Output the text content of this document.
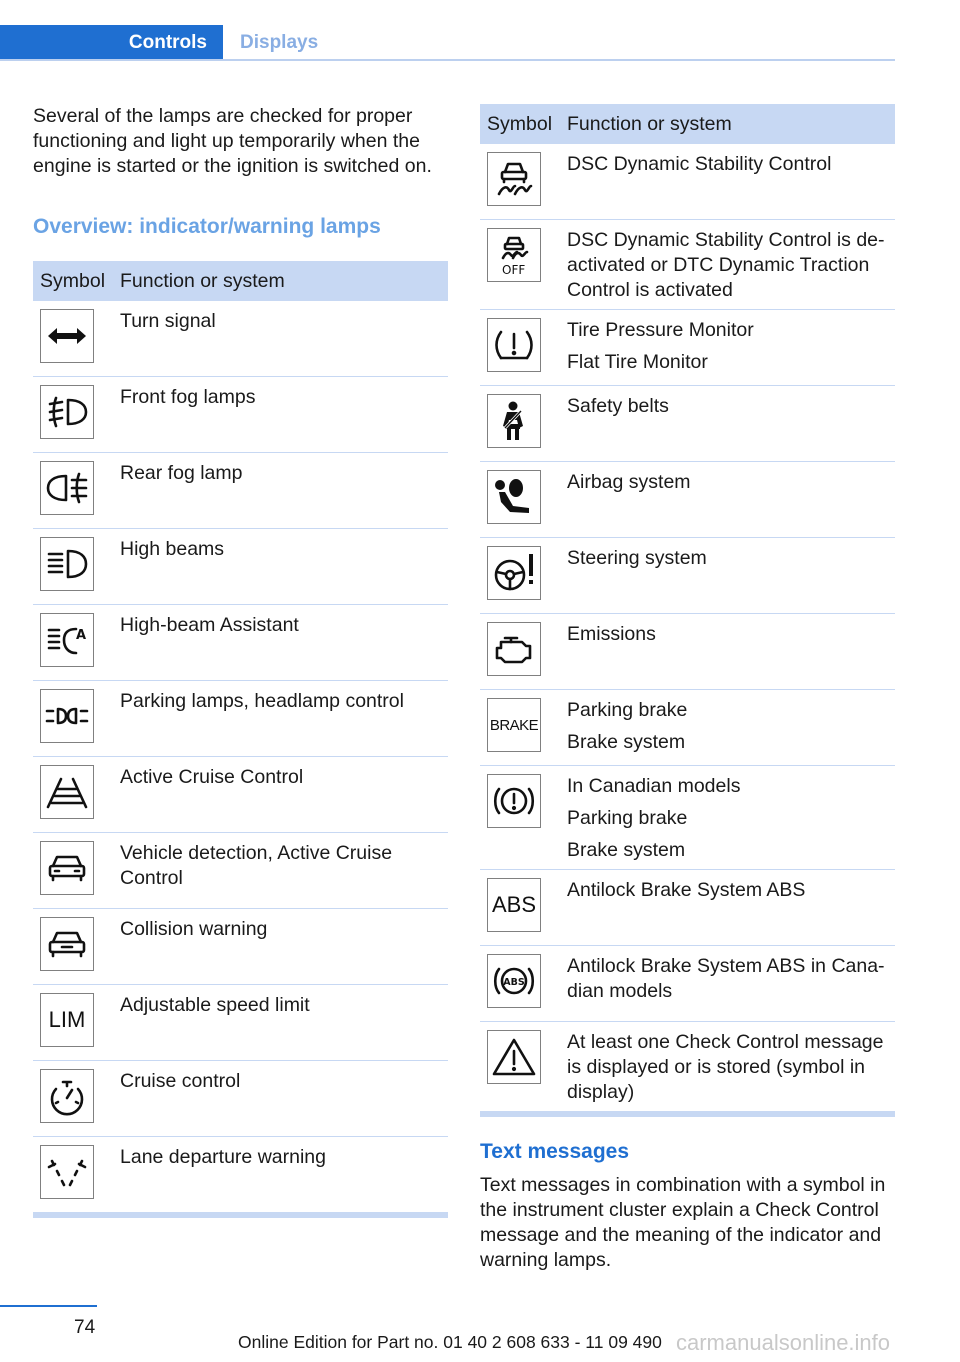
Controls Displays

Several of the lamps are checked for proper functioning and light up temporarily when the engine is started or the ignition is switched on.

Overview: indicator/warning lamps
Symbol Function or system
Turn signal
Front fog lamps
Rear fog lamp
High beams
A High-beam Assistant
Parking lamps, headlamp control
Active Cruise Control
Vehicle detection, Active Cruise Control
Collision warning
LIM
Adjustable speed limit
Cruise control
Lane departure warning
Symbol Function or system
DSC Dynamic Stability Control
OFF
DSC Dynamic Stability Control is de-activated or DTC Dynamic Traction Control is activated
Tire Pressure Monitor
Flat Tire Monitor
Safety belts
Airbag system
Steering system
Emissions
BRAKE
Parking brake
Brake system
In Canadian models
Parking brake
Brake system
ABS
Antilock Brake System ABS
ABS
Antilock Brake System ABS in Cana-dian models
At least one Check Control message is displayed or is stored (symbol in display)
Text messages

Text messages in combination with a symbol in the instrument cluster explain a Check Control message and the meaning of the indicator and warning lamps.

74
Online Edition for Part no. 01 40 2 608 633 - 11 09 490 carmanualsonline.info
